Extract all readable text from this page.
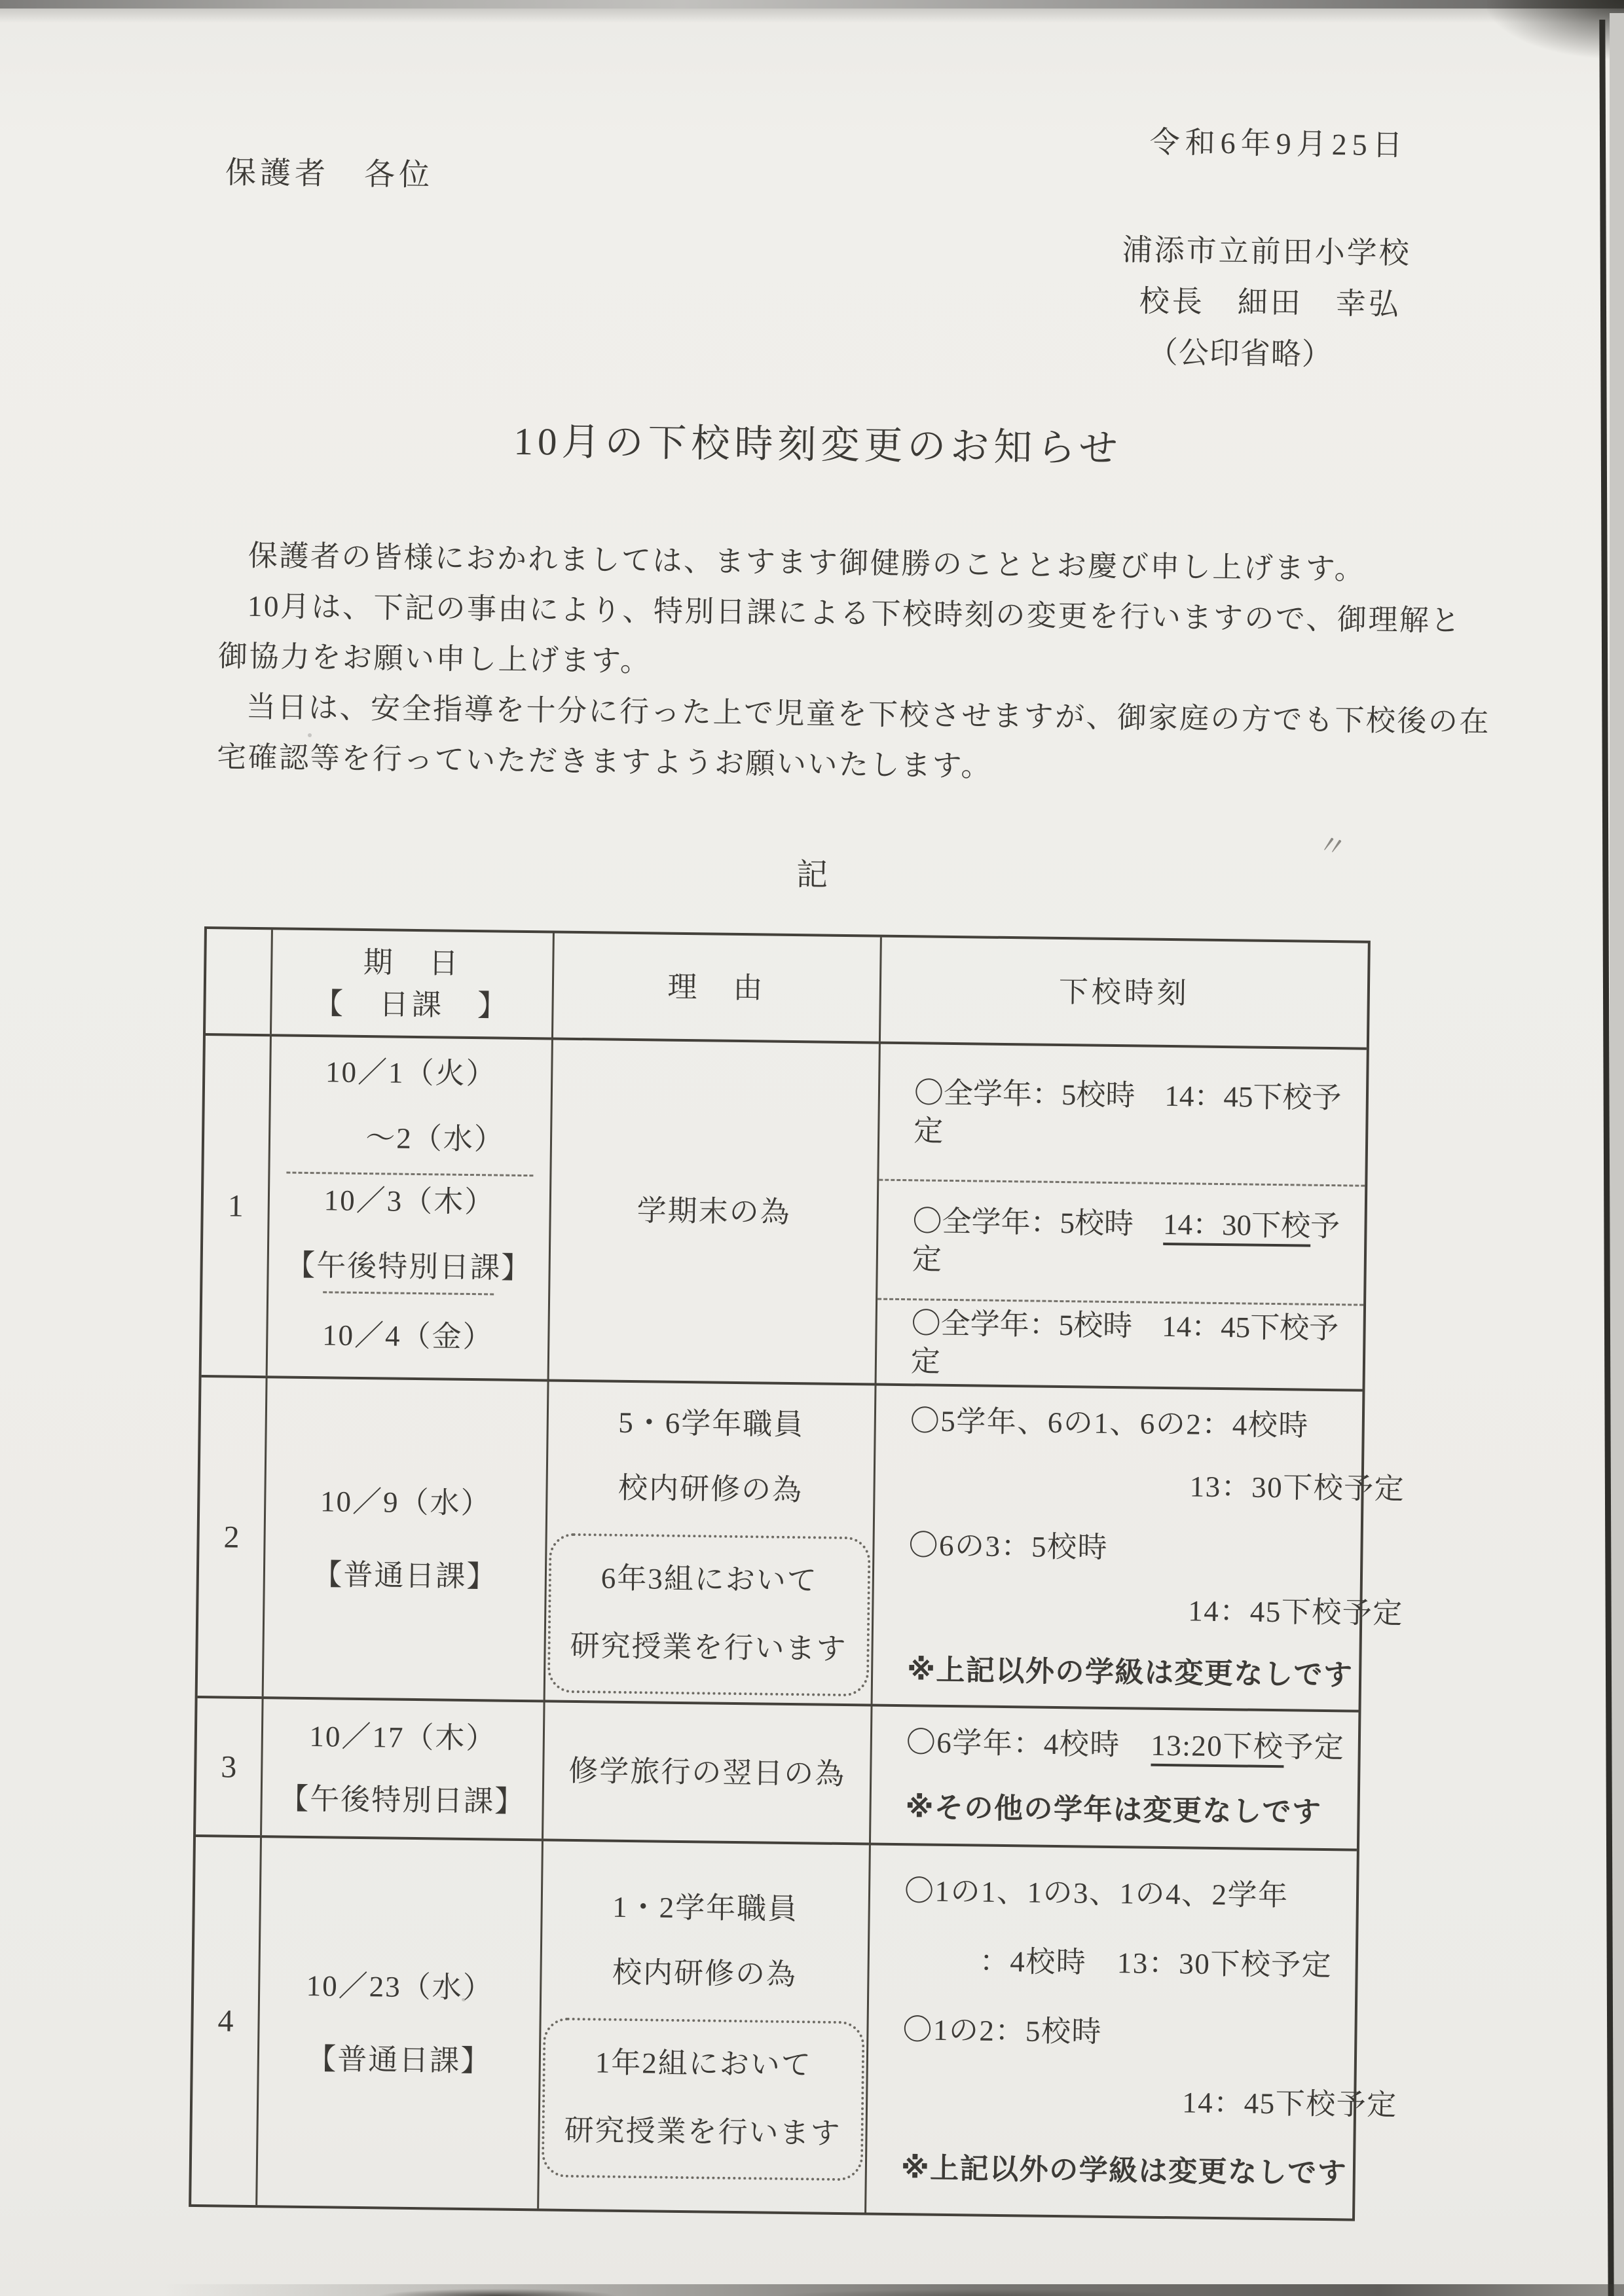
令和6年9月25日
保護者　各位
浦添市立前田小学校
校長　細田　幸弘
（公印省略）
10月の下校時刻変更のお知らせ
保護者の皆様におかれましては、ますます御健勝のこととお慶び申し上げます。
10月は、下記の事由により、特別日課による下校時刻の変更を行いますので、御理解と
御協力をお願い申し上げます。
当日は、安全指導を十分に行った上で児童を下校させますが、御家庭の方でも下校後の在
宅確認等を行っていただきますようお願いいたします。
記
〃
期　日
【　日課　】	理　由	下校時刻
1
10／1（火）
～2（水）
10／3（木）
【午後特別日課】
10／4（金）
学期末の為
〇全学年：5校時　14：45下校予定
〇全学年：5校時　14：30下校予定
〇全学年：5校時　14：45下校予定
2
10／9（水）
【普通日課】
5・6学年職員
校内研修の為
6年3組において
研究授業を行います
〇5学年、6の1、6の2：4校時
13：30下校予定
〇6の3：5校時
14：45下校予定
※上記以外の学級は変更なしです
3
10／17（木）
【午後特別日課】
修学旅行の翌日の為
〇6学年：4校時　13:20下校予定
※その他の学年は変更なしです
4
10／23（水）
【普通日課】
1・2学年職員
校内研修の為
1年2組において
研究授業を行います
〇1の1、1の3、1の4、2学年
：4校時　13：30下校予定
〇1の2：5校時
14：45下校予定
※上記以外の学級は変更なしです
